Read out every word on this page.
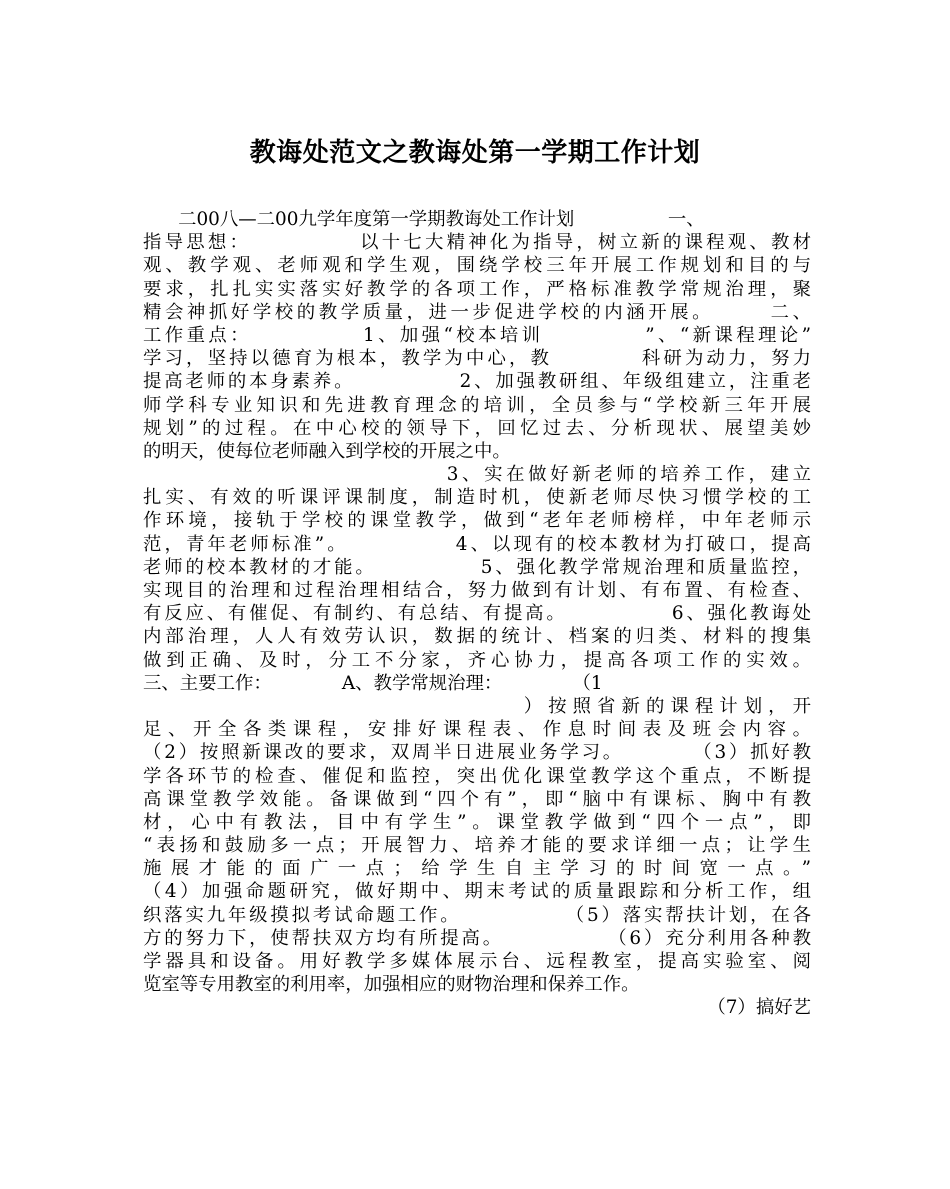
教诲处范文之教诲处第一学期工作计划
二00八—二00九学年度第一学期教诲处工作计划                一、
指导思想：            以十七大精神化为指导，树立新的课程观、教材
观、教学观、老师观和学生观，围绕学校三年开展工作规划和目的与
要求，扎扎实实落实好教学的各项工作，严格标准教学常规治理，聚
精会神抓好学校的教学质量，进一步促进学校的内涵开展。      二、
工作重点：            1、加强“校本培训           ”、“新课程理论”
学习，坚持以德育为根本，教学为中心，教          科研为动力，努力
提高老师的本身素养。            2、加强教研组、年级组建立，注重老
师学科专业知识和先进教育理念的培训，全员参与“学校新三年开展
规划”的过程。在中心校的领导下，回忆过去、分析现状、展望美妙
的明天，使每位老师融入到学校的开展之中。
3、实在做好新老师的培养工作，建立
扎实、有效的听课评课制度，制造时机，使新老师尽快习惯学校的工
作环境，接轨于学校的课堂教学，做到“老年老师榜样，中年老师示
范，青年老师标准”。            4、以现有的校本教材为打破口，提高
老师的校本教材的才能。            5、强化教学常规治理和质量监控，
实现目的治理和过程治理相结合，努力做到有计划、有布置、有检查、
有反应、有催促、有制约、有总结、有提高。            6、强化教诲处
内部治理，人人有效劳认识，数据的统计、档案的归类、材料的搜集
做到正确、及时，分工不分家，齐心协力，提高各项工作的实效。
三、主要工作：            A、教学常规治理：            （1
）按照省新的课程计划，开
足、开全各类课程，安排好课程表、作息时间表及班会内容。
（2）按照新课改的要求，双周半日进展业务学习。        （3）抓好教
学各环节的检查、催促和监控，突出优化课堂教学这个重点，不断提
高课堂教学效能。备课做到“四个有”，即“脑中有课标、胸中有教
材，心中有教法，目中有学生”。课堂教学做到“四个一点”，即
“表扬和鼓励多一点；开展智力、培养才能的要求详细一点；让学生
施展才能的面广一点；给学生自主学习的时间宽一点。”
（4）加强命题研究，做好期中、期末考试的质量跟踪和分析工作，组
织落实九年级摸拟考试命题工作。            （5）落实帮扶计划，在各
方的努力下，使帮扶双方均有所提高。            （6）充分利用各种教
学器具和设备。用好教学多媒体展示台、远程教室，提高实验室、阅
览室等专用教室的利用率，加强相应的财物治理和保养工作。
（7）搞好艺
